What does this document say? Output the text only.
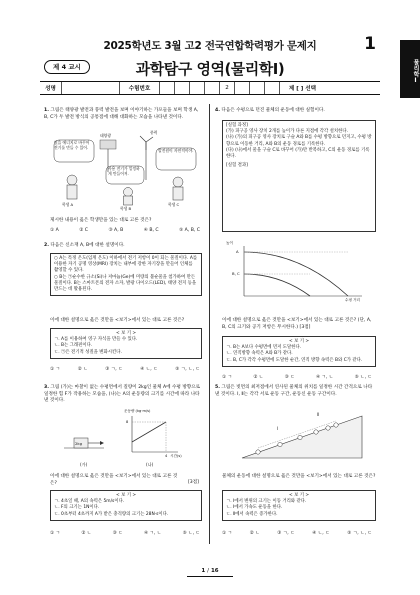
2025학년도 3월 고2 전국연합학력평가 문제지	1
물리학Ⅰ
제 4 교시	과학탐구 영역(물리학Ⅰ)
성명	수험번호	2	제 [ ] 선택
1. 그림은 태양광 발전과 풍력 발전을 보며 이야기하는 가포들을 보며 학생 A, B, C가 두 발전 방식의 공통점에 대해 대화하는 모습을 나타낸 것이다.
빛을 에너지로 바꾸어 전기를 만들 수 있어.
사용 전기가 일정하게 만들어져.
발전원이 자연적이야.
태양광
풍력
학생 A
학생 B
학생 C
제시한 내용이 옳은 학생만을 있는 대로 고른 것은?
① A	② C	③ A, B	④ B, C	⑤ A, B, C
2. 다음은 신소재 A, B에 대한 설명이다.
○ A는 특정 온도(임계 온도) 이하에서 전기 저항이 0이 되는 물질이다. A를 이용한 자기 공명 영상(MRI) 장치는 내부에 강한 자기장을 만들어 인체를 촬영할 수 있다.
○ B는 ㉠순수한 규소(Si)나 저마늄(Ge)에 미량의 불순물을 첨가하여 만든 물질이다. B는 스마트폰의 전자 소자, 발광 다이오드(LED), 태양 전지 등을 만드는 데 활용된다.
이에 대한 설명으로 옳은 것만을 <보기>에서 있는 대로 고른 것은?
< 보 기 >
ㄱ. A를 이용하여 영구 자석을 만들 수 있다.
ㄴ. B는 그래핀이다.
ㄷ. ㉠은 전기적 성질을 변화시킨다.
① ㄱ	② ㄴ	③ ㄱ, ㄷ	④ ㄴ, ㄷ	⑤ ㄱ, ㄴ, ㄷ
3. 그림 (가)는 마찰이 없는 수평면에서 질량이 2kg인 물체 A에 수평 방향으로 일정한 힘 F가 작용하는 모습을, (나)는 A의 운동량의 크기를 시간에 따라 나타낸 것이다.
2kg
운동량 (kg·m/s)
시간(s)
8
4
(가)	(나)
이에 대한 설명으로 옳은 것만을 <보기>에서 있는 대로 고른 것은?	[3점]
< 보 기 >
ㄱ. 4초일 때, A의 속력은 5m/s이다.
ㄴ. F의 크기는 1N이다.
ㄷ. 0초부터 4초까지 A가 받은 충격량의 크기는 28N·s이다.
① ㄱ	② ㄴ	③ ㄷ	④ ㄱ, ㄴ	⑤ ㄴ, ㄷ
4. 다음은 수평으로 던진 물체의 운동에 대한 실험이다.
[실험 과정]
(가) 피구공 영사 장치 2개를 높이가 다른 지점에 각각 설치한다.
(나) (가)의 피구공 영사 장치로 구슬 A와 B를 수평 방향으로 던지고, 수평 방향으로 이동한 거리, A와 B의 운동 경로를 기록한다.
(다) (나)에서 물을 구슬 C로 바꾸어 (가)만 반복하고, C의 운동 경로를 기록한다.
[실험 결과]
높이
수평 거리
A
B, C
이에 대한 설명으로 옳은 것만을 <보기>에서 있는 대로 고른 것은? (단, A, B, C의 크기와 공기 저항은 무시한다.) [3점]
< 보 기 >
ㄱ. B는 A보다 수평면에 먼저 도달한다.
ㄴ. 연직방향 속력은 A와 B가 같다.
ㄷ. B, C가 각각 수평면에 도달한 순간, 연직 방향 속력은 B와 C가 같다.
① ㄱ	② ㄴ	③ ㄷ	④ ㄱ, ㄴ	⑤ ㄴ, ㄷ
5. 그림은 빗면의 최저점에서 연사된 물체의 위치를 일정한 시간 간격으로 나타낸 것이다. Ⅰ, Ⅱ는 각각 서로 운동 구간, 운동신 운동 구간이다.
Ⅰ
Ⅱ
물체의 운동에 대한 설명으로 옳은 것만을 <보기>에서 있는 대로 고른 것은?
< 보 기 >
ㄱ. Ⅰ에서 변위의 크기는 이동 거리와 같다.
ㄴ. Ⅰ에서 가속도 운동을 한다.
ㄷ. Ⅱ에서 속력은 증가한다.
① ㄱ	② ㄴ	③ ㄱ, ㄷ	④ ㄴ, ㄷ	⑤ ㄱ, ㄴ, ㄷ
1 / 16
